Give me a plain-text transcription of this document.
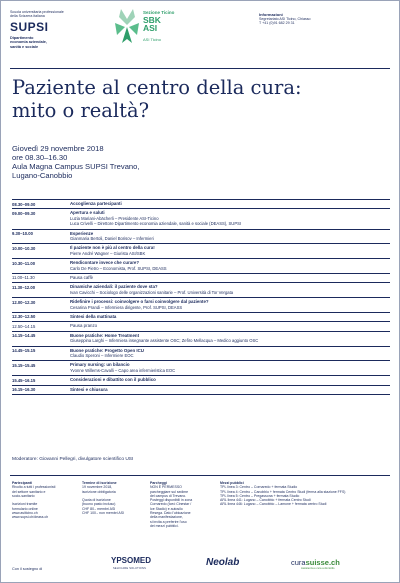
Scuola universitaria professionale
della Svizzera italiana
SUPSI
Dipartimento
economia aziendale,
sanità e sociale
Sezione Ticino
SBK
ASI
ASI Ticino
Informazioni
Segretariato ASI Ticino, Chiasso
T +41 (0)91 682 29 31
Paziente al centro della cura:
mito o realtà?
Giovedì 29 novembre 2018
ore 08.30–16.30
Aula Magna Campus SUPSI Trevano,
Lugano-Canobbio
08.30–09.00	Accoglienza partecipanti
09.00–09.30	Apertura e saluti
Luzia Mariani-Abächerli – Presidente ASI-Ticino
Luca Crivelli – Direttore Dipartimento economia aziendale, sanità e sociale (DEASS), SUPSI
9.30–10.00	Esperienze
Gianmaria Bertoli, Daniel Borisov – Infermieri
10.00–10.30	Il paziente non è più al centro della cura!
Pierre André Wagner – Giurista ASI/SBK
10.30–11.00	Rendicontare invece che curare?
Carlo De Pietro – Economista, Prof. SUPSI, DEASS
11.00–11.30	Pausa caffè
11.30–12.00	Dinamiche aziendali: il paziente dove sta?
Ivan Cavicchi – Sociologo delle organizzazioni sanitarie – Prof. Università di Tor Vergata
12.00–12.30	Ridefinire i processi: coinvolgere o farsi coinvolgere dal paziente?
Cesarina Prandi – Infermiera dirigente, Prof. SUPSI, DEASS
12.30–12.50	Sintesi della mattinata
12.50–14.15	Pausa pranzo
14.15–14.45	Buone pratiche: Home Treatment
Giuseppina Larghi – Infermiera insegnante assistente OSC; Zefiro Mellacqua – Medico aggiunto OSC
14.45–15.15	Buone pratiche: Progetto Open ICU
Claudio Speroni – Infermiere EOC
15.15–15.45	Primary nursing: un bilancio
Yvonne Willems-Cavalli – Capo area infermieristica EOC
15.45–16.15	Considerazioni e dibattito con il pubblico
16.15–16.30	Sintesi e chiusura
Moderatore: Giovanni Pellegri, divulgatore scientifico USI
Partecipanti
Rivolto a tutti i professionisti
del settore sanitario e
socio-sanitario
Iscrizioni tramite
formulario online
www.asiticino.ch
www.supsi.ch/deass.ch
Termine di iscrizione
19 novembre 2018,
iscrizione obbligatoria
Quota di iscrizione
(buono pasto incluso)
CHF 80.- membri ASI
CHF 100.- non membri ASI
Parcheggi
NON È PERMESSO
parcheggiare sul sedime
del campus di Trevano.
Posteggi disponibili in zona
Cornaredo (Iceò Cinestar /
Ice Stadio) e autosilo
Resega. Dato l'ubicazione
della manifestazione,
si invita a preferire l'uso
dei mezzi pubblici.
Mezzi pubblici
TPL linea 3: Centro – Cornaredo + fermata Studio
TPL linea 4: Centro – Canobbio + fermata Centro Studi (ferma alla stazione FFS)
TPL linea 5: Centro – Pregassona + fermata Studio
ARL linea 441: Lugano – Canobbio + fermata Centro Studi
ARL linea 446: Lugano – Canobbio – Lamone + fermata centro Studi
Con il sostegno di
YPSOMED
SELFCARE SOLUTIONS
Neolab	curasuisse.ch
Assistenza e cura a domicilio
